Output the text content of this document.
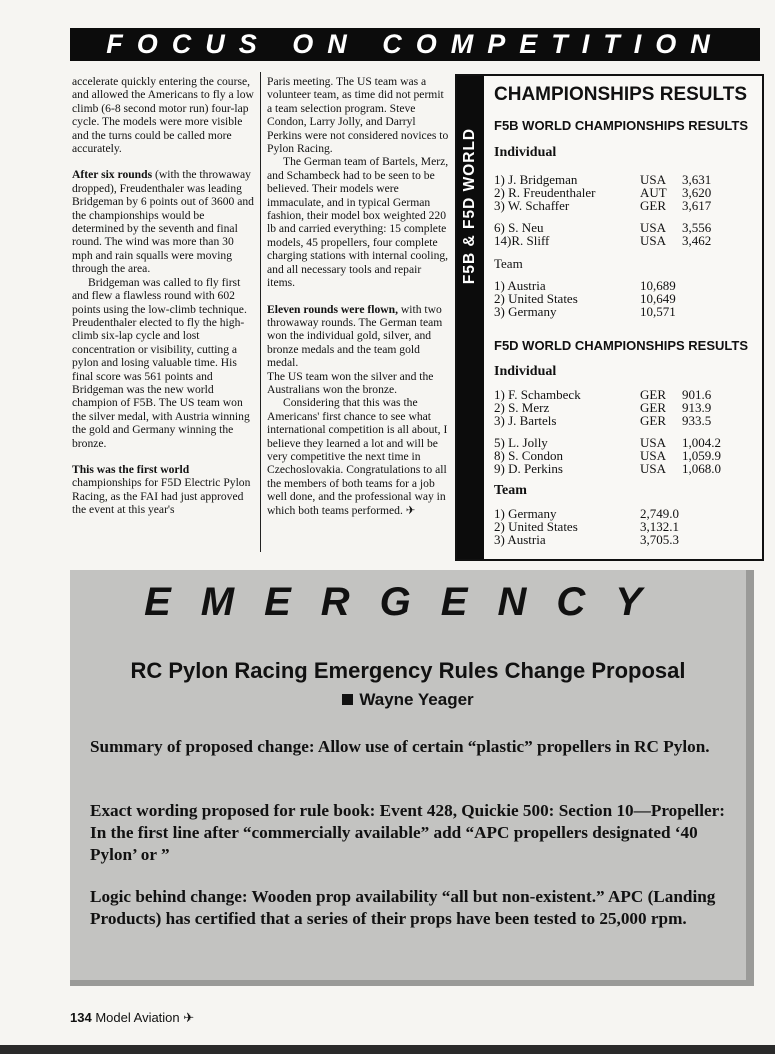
FOCUS ON COMPETITION

accelerate quickly entering the course, and allowed the Americans to fly a low climb (6-8 second motor run) four-lap cycle. The models were more visible and the turns could be called more accurately.

After six rounds (with the throwaway dropped), Freudenthaler was leading Bridgeman by 6 points out of 3600 and the championships would be determined by the seventh and final round. The wind was more than 30 mph and rain squalls were moving through the area.

Bridgeman was called to fly first and flew a flawless round with 602 points using the low-climb technique. Preudenthaler elected to fly the high-climb six-lap cycle and lost concentration or visibility, cutting a pylon and losing valuable time. His final score was 561 points and Bridgeman was the new world champion of F5B. The US team won the silver medal, with Austria winning the gold and Germany winning the bronze.

This was the first world championships for F5D Electric Pylon Racing, as the FAI had just approved the event at this year's

Paris meeting. The US team was a volunteer team, as time did not permit a team selection program. Steve Condon, Larry Jolly, and Darryl Perkins were not considered novices to Pylon Racing.

The German team of Bartels, Merz, and Schambeck had to be seen to be believed. Their models were immaculate, and in typical German fashion, their model box weighted 220 lb and carried everything: 15 complete models, 45 propellers, four complete charging stations with internal cooling, and all necessary tools and repair items.

Eleven rounds were flown, with two throwaway rounds. The German team won the individual gold, silver, and bronze medals and the team gold medal.

The US team won the silver and the Australians won the bronze.

Considering that this was the Americans' first chance to see what international competition is all about, I believe they learned a lot and will be very competitive the next time in Czechoslovakia. Congratulations to all the members of both teams for a job well done, and the professional way in which both teams performed. ✈

F5B & F5D WORLD
CHAMPIONSHIPS RESULTS
F5B WORLD CHAMPIONSHIPS RESULTS
Individual
1) J. Bridgeman	USA 3,631
2) R. Freudenthaler	AUT 3,620
3) W. Schaffer	GER 3,617
6) S. Neu	USA 3,556
14)R. Sliff	USA 3,462
Team
1) Austria	10,689
2) United States	10,649
3) Germany	10,571
F5D WORLD CHAMPIONSHIPS RESULTS
Individual
1) F. Schambeck	GER 901.6
2) S. Merz	GER 913.9
3) J. Bartels	GER 933.5
5) L. Jolly	USA 1,004.2
8) S. Condon	USA 1,059.9
9) D. Perkins	USA 1,068.0
Team
1) Germany	2,749.0
2) United States	3,132.1
3) Austria	3,705.3
EMERGENCY
RC Pylon Racing Emergency Rules Change Proposal
Wayne Yeager
Summary of proposed change: Allow use of certain “plastic” propellers in RC Pylon.
Exact wording proposed for rule book: Event 428, Quickie 500: Section 10—Propeller: In the first line after “commercially available” add “APC propellers designated ‘40 Pylon’ or ”
Logic behind change: Wooden prop availability “all but non-existent.” APC (Landing Products) has certified that a series of their props have been tested to 25,000 rpm.
134 Model Aviation ✈
